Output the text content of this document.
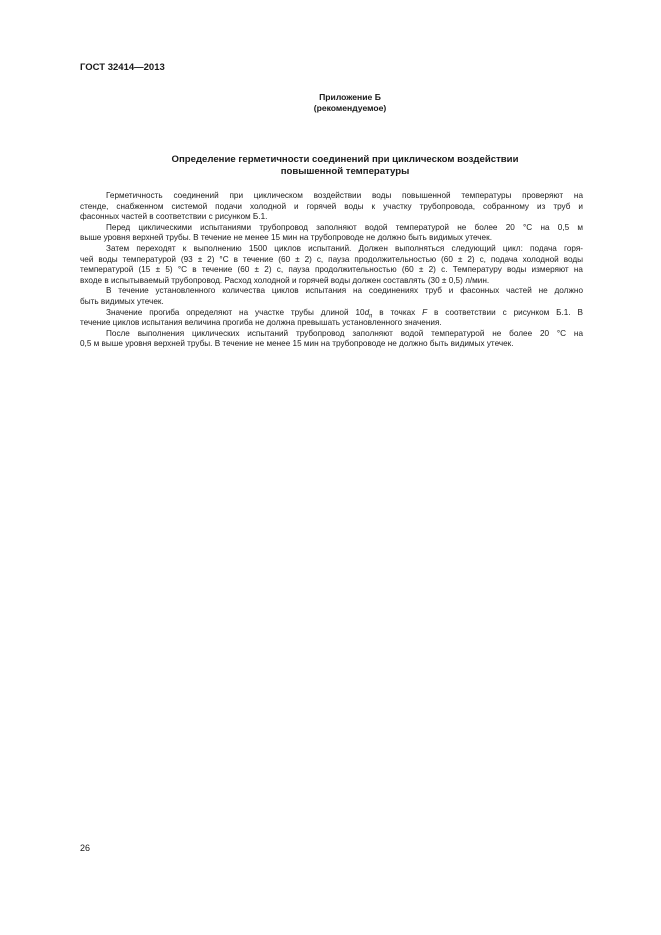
ГОСТ 32414—2013
Приложение Б
(рекомендуемое)
Определение герметичности соединений при циклическом воздействии
повышенной температуры
Герметичность соединений при циклическом воздействии воды повышенной температуры проверяют на
стенде, снабженном системой подачи холодной и горячей воды к участку трубопровода, собранному из труб и
фасонных частей в соответствии с рисунком Б.1.
Перед циклическими испытаниями трубопровод заполняют водой температурой не более 20 °С на 0,5 м
выше уровня верхней трубы. В течение не менее 15 мин на трубопроводе не должно быть видимых утечек.
Затем переходят к выполнению 1500 циклов испытаний. Должен выполняться следующий цикл: подача горя-
чей воды температурой (93 ± 2) °С в течение (60 ± 2) с, пауза продолжительностью (60 ± 2) с, подача холодной воды
температурой (15 ± 5) °С в течение (60 ± 2) с, пауза продолжительностью (60 ± 2) с. Температуру воды измеряют на
входе в испытываемый трубопровод. Расход холодной и горячей воды должен составлять (30 ± 0,5) л/мин.
В течение установленного количества циклов испытания на соединениях труб и фасонных частей не должно
быть видимых утечек.
Значение прогиба определяют на участке трубы длиной $10d_п$ в точках F в соответствии с рисунком Б.1. В
течение циклов испытания величина прогиба не должна превышать установленного значения.
После выполнения циклических испытаний трубопровод заполняют водой температурой не более 20 °С на
0,5 м выше уровня верхней трубы. В течение не менее 15 мин на трубопроводе не должно быть видимых утечек.
26
